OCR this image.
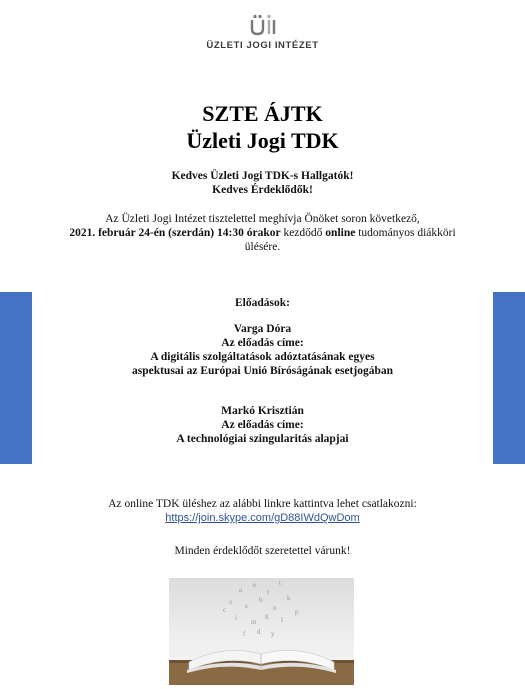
ÜZLETI JOGI INTÉZET
SZTE ÁJTK
Üzleti Jogi TDK
Kedves Üzleti Jogi TDK-s Hallgatók!
Kedves Érdeklődők!
Az Üzleti Jogi Intézet tisztelettel meghívja Önöket soron következő,
2021. február 24-én (szerdán) 14:30 órakor kezdődő online tudományos diákköri
ülésére.
Előadások:
Varga Dóra
Az előadás címe:
A digitális szolgáltatások adóztatásának egyes
aspektusai az Európai Unió Bíróságának esetjogában
Markó Krisztián
Az előadás címe:
A technológiai szingularitás alapjai
Az online TDK üléshez az alábbi linkre kattintva lehet csatlakozni:
https://join.skype.com/gD88IWdQwDom
Minden érdeklődőt szeretettel várunk!
a
e
r
t
o s
b
n
k
i m
g l
p
c
d y
f
